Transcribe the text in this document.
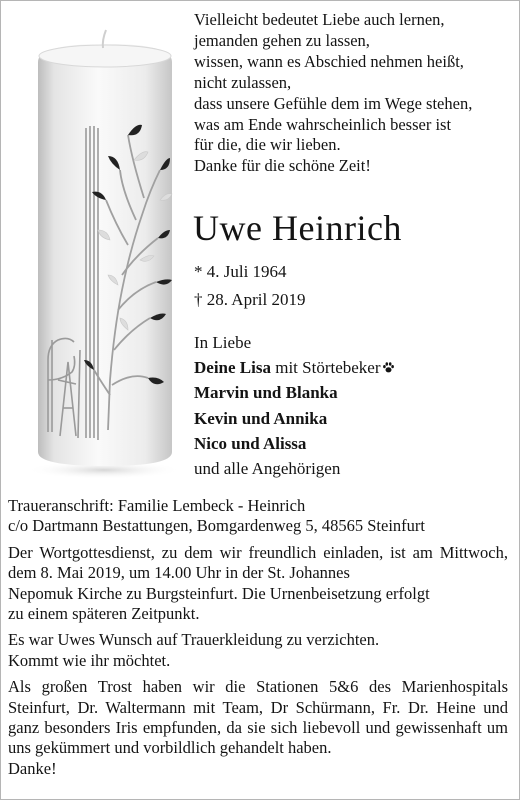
Vielleicht bedeutet Liebe auch lernen,
jemanden gehen zu lassen,
wissen, wann es Abschied nehmen heißt,
nicht zulassen,
dass unsere Gefühle dem im Wege stehen,
was am Ende wahrscheinlich besser ist
für die, die wir lieben.
Danke für die schöne Zeit!
Uwe Heinrich
* 4. Juli 1964
† 28. April 2019
In Liebe
Deine Lisa mit Störtebeker
Marvin und Blanka
Kevin und Annika
Nico und Alissa
und alle Angehörigen

Traueranschrift: Familie Lembeck - Heinrich

c/o Dartmann Bestattungen, Bomgardenweg 5, 48565 Steinfurt

Der Wortgottesdienst, zu dem wir freundlich einladen, ist am Mittwoch, dem 8. Mai 2019, um 14.00 Uhr in der St. Johannes

Nepomuk Kirche zu Burgsteinfurt. Die Urnenbeisetzung erfolgt

zu einem späteren Zeitpunkt.

Es war Uwes Wunsch auf Trauerkleidung zu verzichten.

Kommt wie ihr möchtet.

Als großen Trost haben wir die Stationen 5&6 des Marienhospitals Steinfurt, Dr. Waltermann mit Team, Dr Schürmann, Fr. Dr. Heine und ganz besonders Iris empfunden, da sie sich liebevoll und gewissenhaft um uns gekümmert und vorbildlich gehandelt haben.

Danke!
